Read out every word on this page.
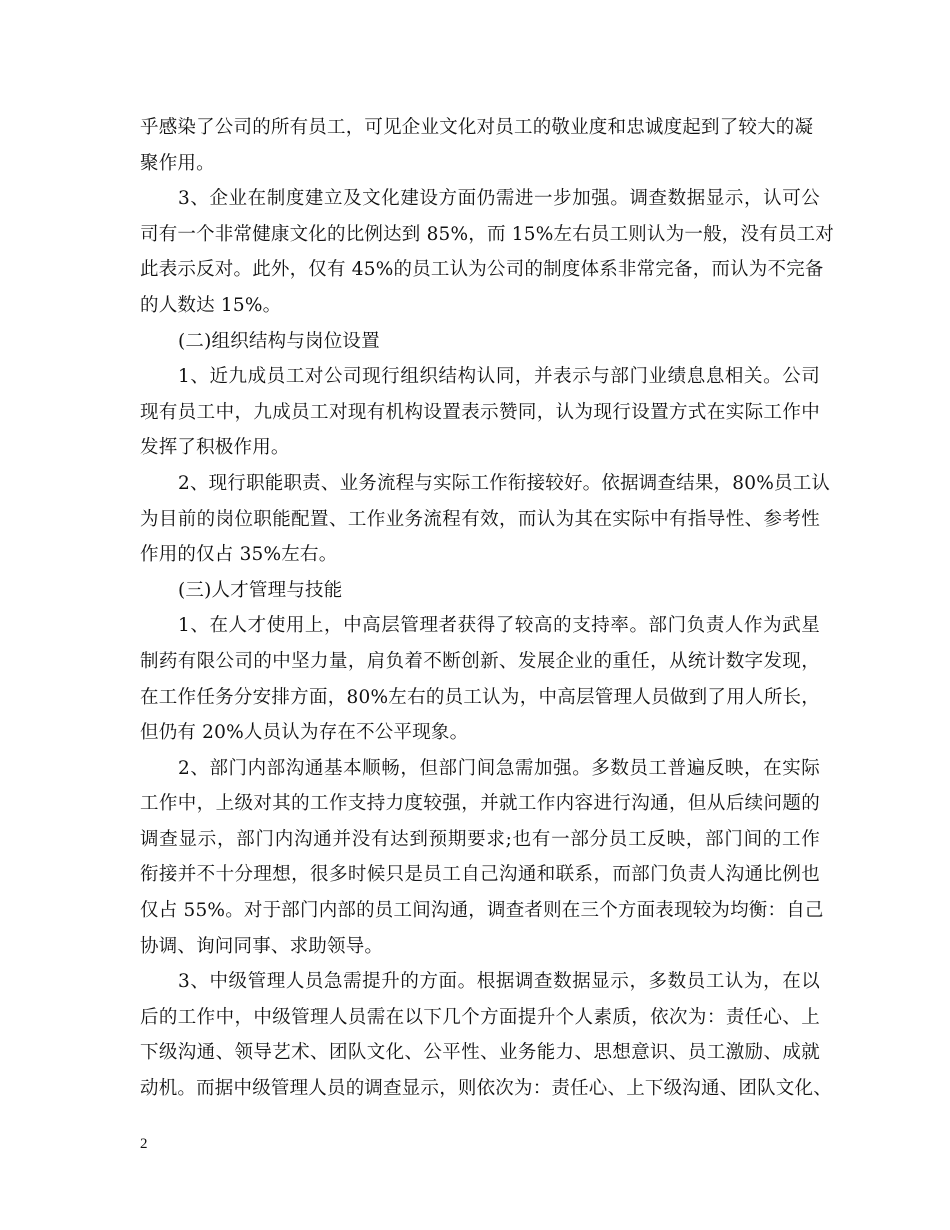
乎感染了公司的所有员工，可见企业文化对员工的敬业度和忠诚度起到了较大的凝
聚作用。
3、企业在制度建立及文化建设方面仍需进一步加强。调查数据显示，认可公
司有一个非常健康文化的比例达到 85%，而 15%左右员工则认为一般，没有员工对
此表示反对。此外，仅有 45%的员工认为公司的制度体系非常完备，而认为不完备
的人数达 15%。
(二)组织结构与岗位设置
1、近九成员工对公司现行组织结构认同，并表示与部门业绩息息相关。公司
现有员工中，九成员工对现有机构设置表示赞同，认为现行设置方式在实际工作中
发挥了积极作用。
2、现行职能职责、业务流程与实际工作衔接较好。依据调查结果，80%员工认
为目前的岗位职能配置、工作业务流程有效，而认为其在实际中有指导性、参考性
作用的仅占 35%左右。
(三)人才管理与技能
1、在人才使用上，中高层管理者获得了较高的支持率。部门负责人作为武星
制药有限公司的中坚力量，肩负着不断创新、发展企业的重任，从统计数字发现，
在工作任务分安排方面，80%左右的员工认为，中高层管理人员做到了用人所长，
但仍有 20%人员认为存在不公平现象。
2、部门内部沟通基本顺畅，但部门间急需加强。多数员工普遍反映，在实际
工作中，上级对其的工作支持力度较强，并就工作内容进行沟通，但从后续问题的
调查显示，部门内沟通并没有达到预期要求;也有一部分员工反映，部门间的工作
衔接并不十分理想，很多时候只是员工自己沟通和联系，而部门负责人沟通比例也
仅占 55%。对于部门内部的员工间沟通，调查者则在三个方面表现较为均衡：自己
协调、询问同事、求助领导。
3、中级管理人员急需提升的方面。根据调查数据显示，多数员工认为，在以
后的工作中，中级管理人员需在以下几个方面提升个人素质，依次为：责任心、上
下级沟通、领导艺术、团队文化、公平性、业务能力、思想意识、员工激励、成就
动机。而据中级管理人员的调查显示，则依次为：责任心、上下级沟通、团队文化、
2
